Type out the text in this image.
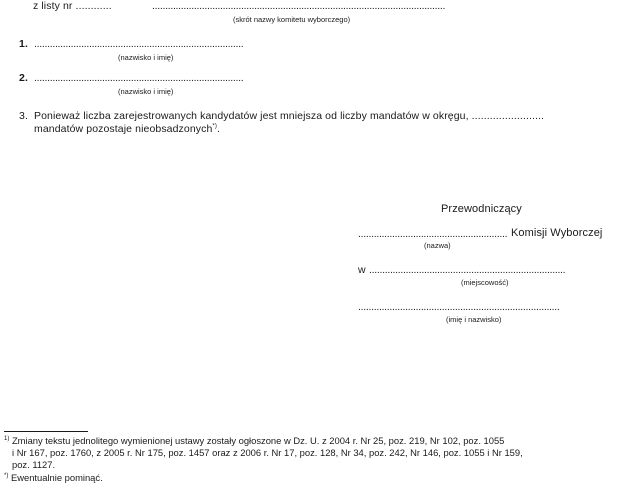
z listy nr ............	................................................................................................................
(skrót nazwy komitetu wyborczego)
1. ................................................................................
(nazwisko i imię)
2. ................................................................................
(nazwisko i imię)
3. Ponieważ liczba zarejestrowanych kandydatów jest mniejsza od liczby mandatów w okręgu, ........................
mandatów pozostaje nieobsadzonych*).
Przewodniczący
......................................................... Komisji Wyborczej
(nazwa)
w ...........................................................................
(miejscowość)
.............................................................................
(imię i nazwisko)
$^{1)}$ Zmiany tekstu jednolitego wymienionej ustawy zostały ogłoszone w Dz. U. z 2004 r. Nr 25, poz. 219, Nr 102, poz. 1055
i Nr 167, poz. 1760, z 2005 r. Nr 175, poz. 1457 oraz z 2006 r. Nr 17, poz. 128, Nr 34, poz. 242, Nr 146, poz. 1055 i Nr 159,
poz. 1127.
*) Ewentualnie pominąć.
